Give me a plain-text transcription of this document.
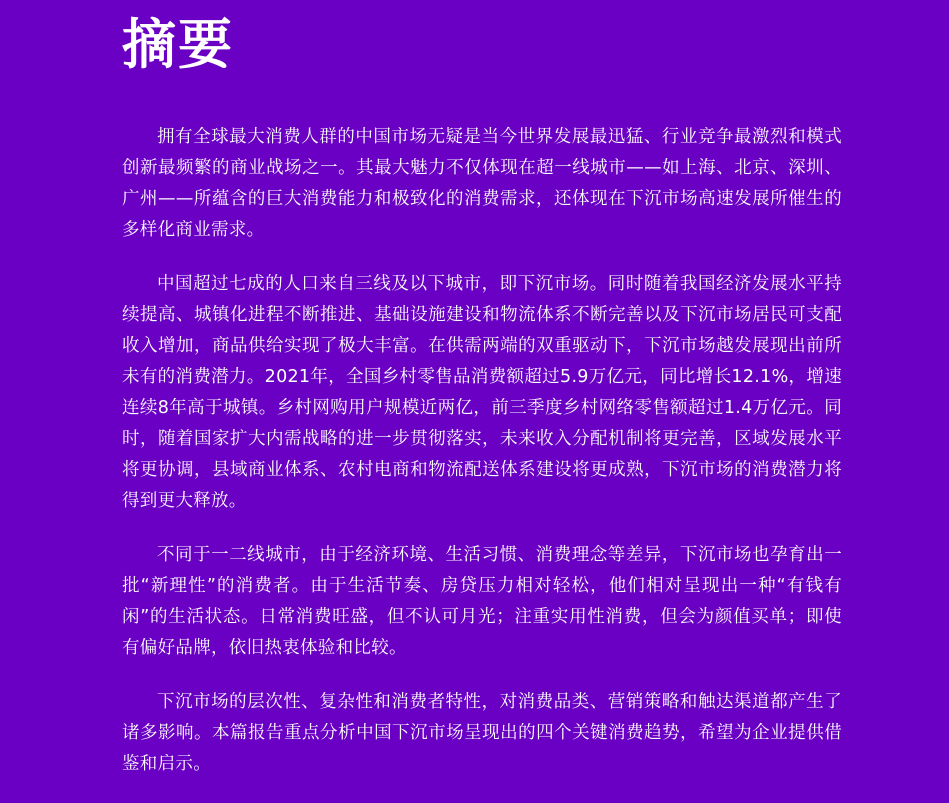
摘要

拥有全球最大消费人群的中国市场无疑是当今世界发展最迅猛、行业竞争最激烈和模式创新最频繁的商业战场之一。其最大魅力不仅体现在超一线城市——如上海、北京、深圳、广州——所蕴含的巨大消费能力和极致化的消费需求，还体现在下沉市场高速发展所催生的多样化商业需求。

中国超过七成的人口来自三线及以下城市，即下沉市场。同时随着我国经济发展水平持续提高、城镇化进程不断推进、基础设施建设和物流体系不断完善以及下沉市场居民可支配收入增加，商品供给实现了极大丰富。在供需两端的双重驱动下，下沉市场越发展现出前所未有的消费潜力。2021年，全国乡村零售品消费额超过5.9万亿元，同比增长12.1%，增速连续8年高于城镇。乡村网购用户规模近两亿，前三季度乡村网络零售额超过1.4万亿元。同时，随着国家扩大内需战略的进一步贯彻落实，未来收入分配机制将更完善，区域发展水平将更协调，县域商业体系、农村电商和物流配送体系建设将更成熟，下沉市场的消费潜力将得到更大释放。

不同于一二线城市，由于经济环境、生活习惯、消费理念等差异，下沉市场也孕育出一批“新理性”的消费者。由于生活节奏、房贷压力相对轻松，他们相对呈现出一种“有钱有闲”的生活状态。日常消费旺盛，但不认可月光；注重实用性消费，但会为颜值买单；即使有偏好品牌，依旧热衷体验和比较。

下沉市场的层次性、复杂性和消费者特性，对消费品类、营销策略和触达渠道都产生了诸多影响。本篇报告重点分析中国下沉市场呈现出的四个关键消费趋势，希望为企业提供借鉴和启示。
